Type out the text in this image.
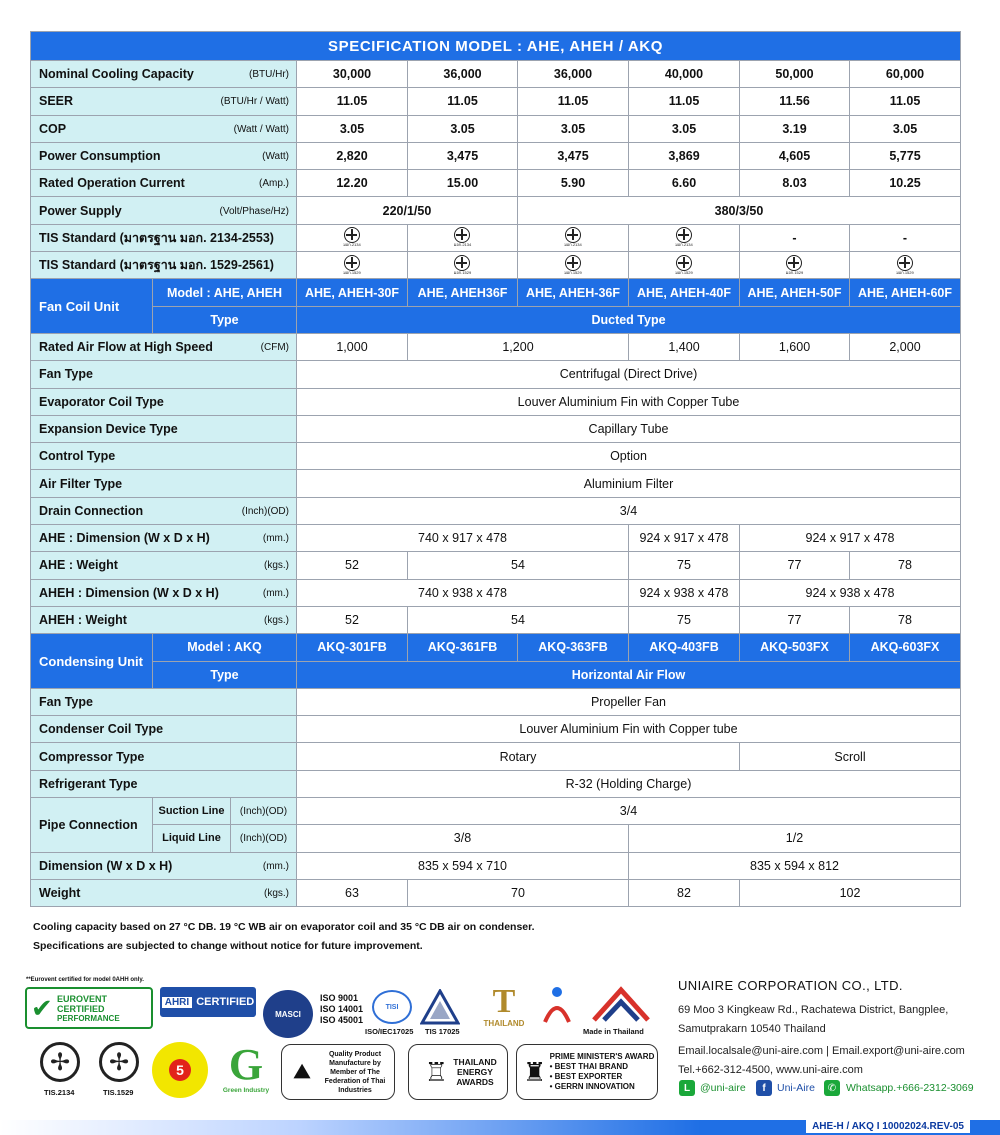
SPECIFICATION MODEL : AHE, AHEH / AKQ								

(BTU/Hr)
Nominal Cooling Capacity			30,000	36,000	36,000	40,000	50,000	60,000

(BTU/Hr / Watt)
SEER			11.05	11.05	11.05	11.05	11.56	11.05

(Watt / Watt)
COP			3.05	3.05	3.05	3.05	3.19	3.05

(Watt)
Power Consumption			2,820	3,475	3,475	3,869	4,605	5,775

(Amp.)
Rated Operation Current			12.20	15.00	5.90	6.60	8.03	10.25

(Volt/Phase/Hz)
Power Supply			220/1/50		380/3/50			
TIS Standard (มาตรฐาน มอก. 2134-2553)			มอก.2134	มอก.2134	มอก.2134	มอก.2134	-	-
TIS Standard (มาตรฐาน มอก. 1529-2561)			มอก.1529	มอก.1529	มอก.1529	มอก.1529	มอก.1529	มอก.1529

Fan Coil Unit	Model : AHE, AHEH		AHE, AHEH-30F	AHE, AHEH36F	AHE, AHEH-36F	AHE, AHEH-40F	AHE, AHEH-50F	AHE, AHEH-60F
	Type		Ducted Type					

(CFM)
Rated Air Flow at High Speed			1,000	1,200		1,400	1,600	2,000
Fan Type			Centrifugal (Direct Drive)					
Evaporator Coil Type			Louver Aluminium Fin with Copper Tube					
Expansion Device Type			Capillary Tube					
Control Type			Option					
Air Filter Type			Aluminium Filter					

(Inch)(OD)
Drain Connection			3/4					

(mm.)
AHE : Dimension (W x D x H)			740 x 917 x 478			924 x 917 x 478	924 x 917 x 478	

(kgs.)
AHE : Weight			52	54		75	77	78

(mm.)
AHEH : Dimension (W x D x H)			740 x 938 x 478			924 x 938 x 478	924 x 938 x 478	

(kgs.)
AHEH : Weight			52	54		75	77	78
Condensing Unit	Model : AKQ		AKQ-301FB	AKQ-361FB	AKQ-363FB	AKQ-403FB	AKQ-503FX	AKQ-603FX
	Type		Horizontal Air Flow					
Fan Type			Propeller Fan					
Condenser Coil Type			Louver Aluminium Fin with Copper tube					
Compressor Type			Rotary				Scroll	
Refrigerant Type			R-32 (Holding Charge)					
Pipe Connection	Suction Line	(Inch)(OD)	3/4					
	Liquid Line	(Inch)(OD)	3/8			1/2		

(mm.)
Dimension (W x D x H)			835 x 594 x 710			835 x 594 x 812		

(kgs.)
Weight			63	70		82	102	
Cooling capacity based on 27 °C DB. 19 °C WB air on evaporator coil and 35 °C DB air on condenser.
Specifications are subjected to change without notice for future improvement.
**Eurovent certified for model 0AHH only.
✔ EUROVENT
CERTIFIED
PERFORMANCE
AHRI CERTIFIED
MASCI
ISO 9001
ISO 14001
ISO 45001
TISI
ISO/IEC17025 TIS 17025
T
THAILAND
Made in Thailand
✢
TIS.2134
✢
TIS.1529
5 G
Green Industry
⛰
Quality Product Manufacture by Member of The Federation of Thai Industries
♖ THAILAND
ENERGY
AWARDS ♜ PRIME MINISTER'S AWARD
• BEST THAI BRAND
• BEST EXPORTER
• GERRN INNOVATION
UNIAIRE CORPORATION CO., LTD.
69 Moo 3 Kingkeaw Rd., Rachatewa District, Bangplee,
Samutprakarn 10540 Thailand
Email.localsale@uni-aire.com | Email.export@uni-aire.com
Tel.+662-312-4500, www.uni-aire.com
L @uni-aire	f	Uni-Aire	✆ Whatsapp.+666-2312-3069
AHE-H / AKQ I 10002024.REV-05
